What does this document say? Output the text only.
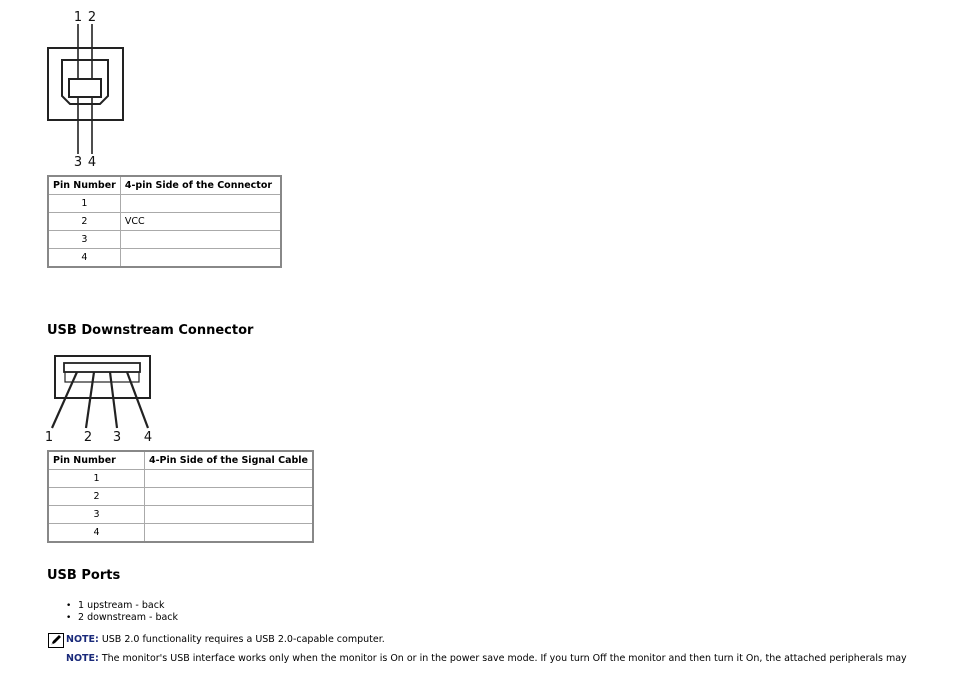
1 2
3 4
Pin Number	4-pin Side of the Connector
1	
2	VCC
3	
4	
USB Downstream Connector
1 2 3 4
Pin Number	4-Pin Side of the Signal Cable
1	
2	
3	
4	
USB Ports
• 1 upstream - back
• 2 downstream - back
NOTE: USB 2.0 functionality requires a USB 2.0-capable computer.
NOTE: The monitor's USB interface works only when the monitor is On or in the power save mode. If you turn Off the monitor and then turn it On, the attached peripherals may
